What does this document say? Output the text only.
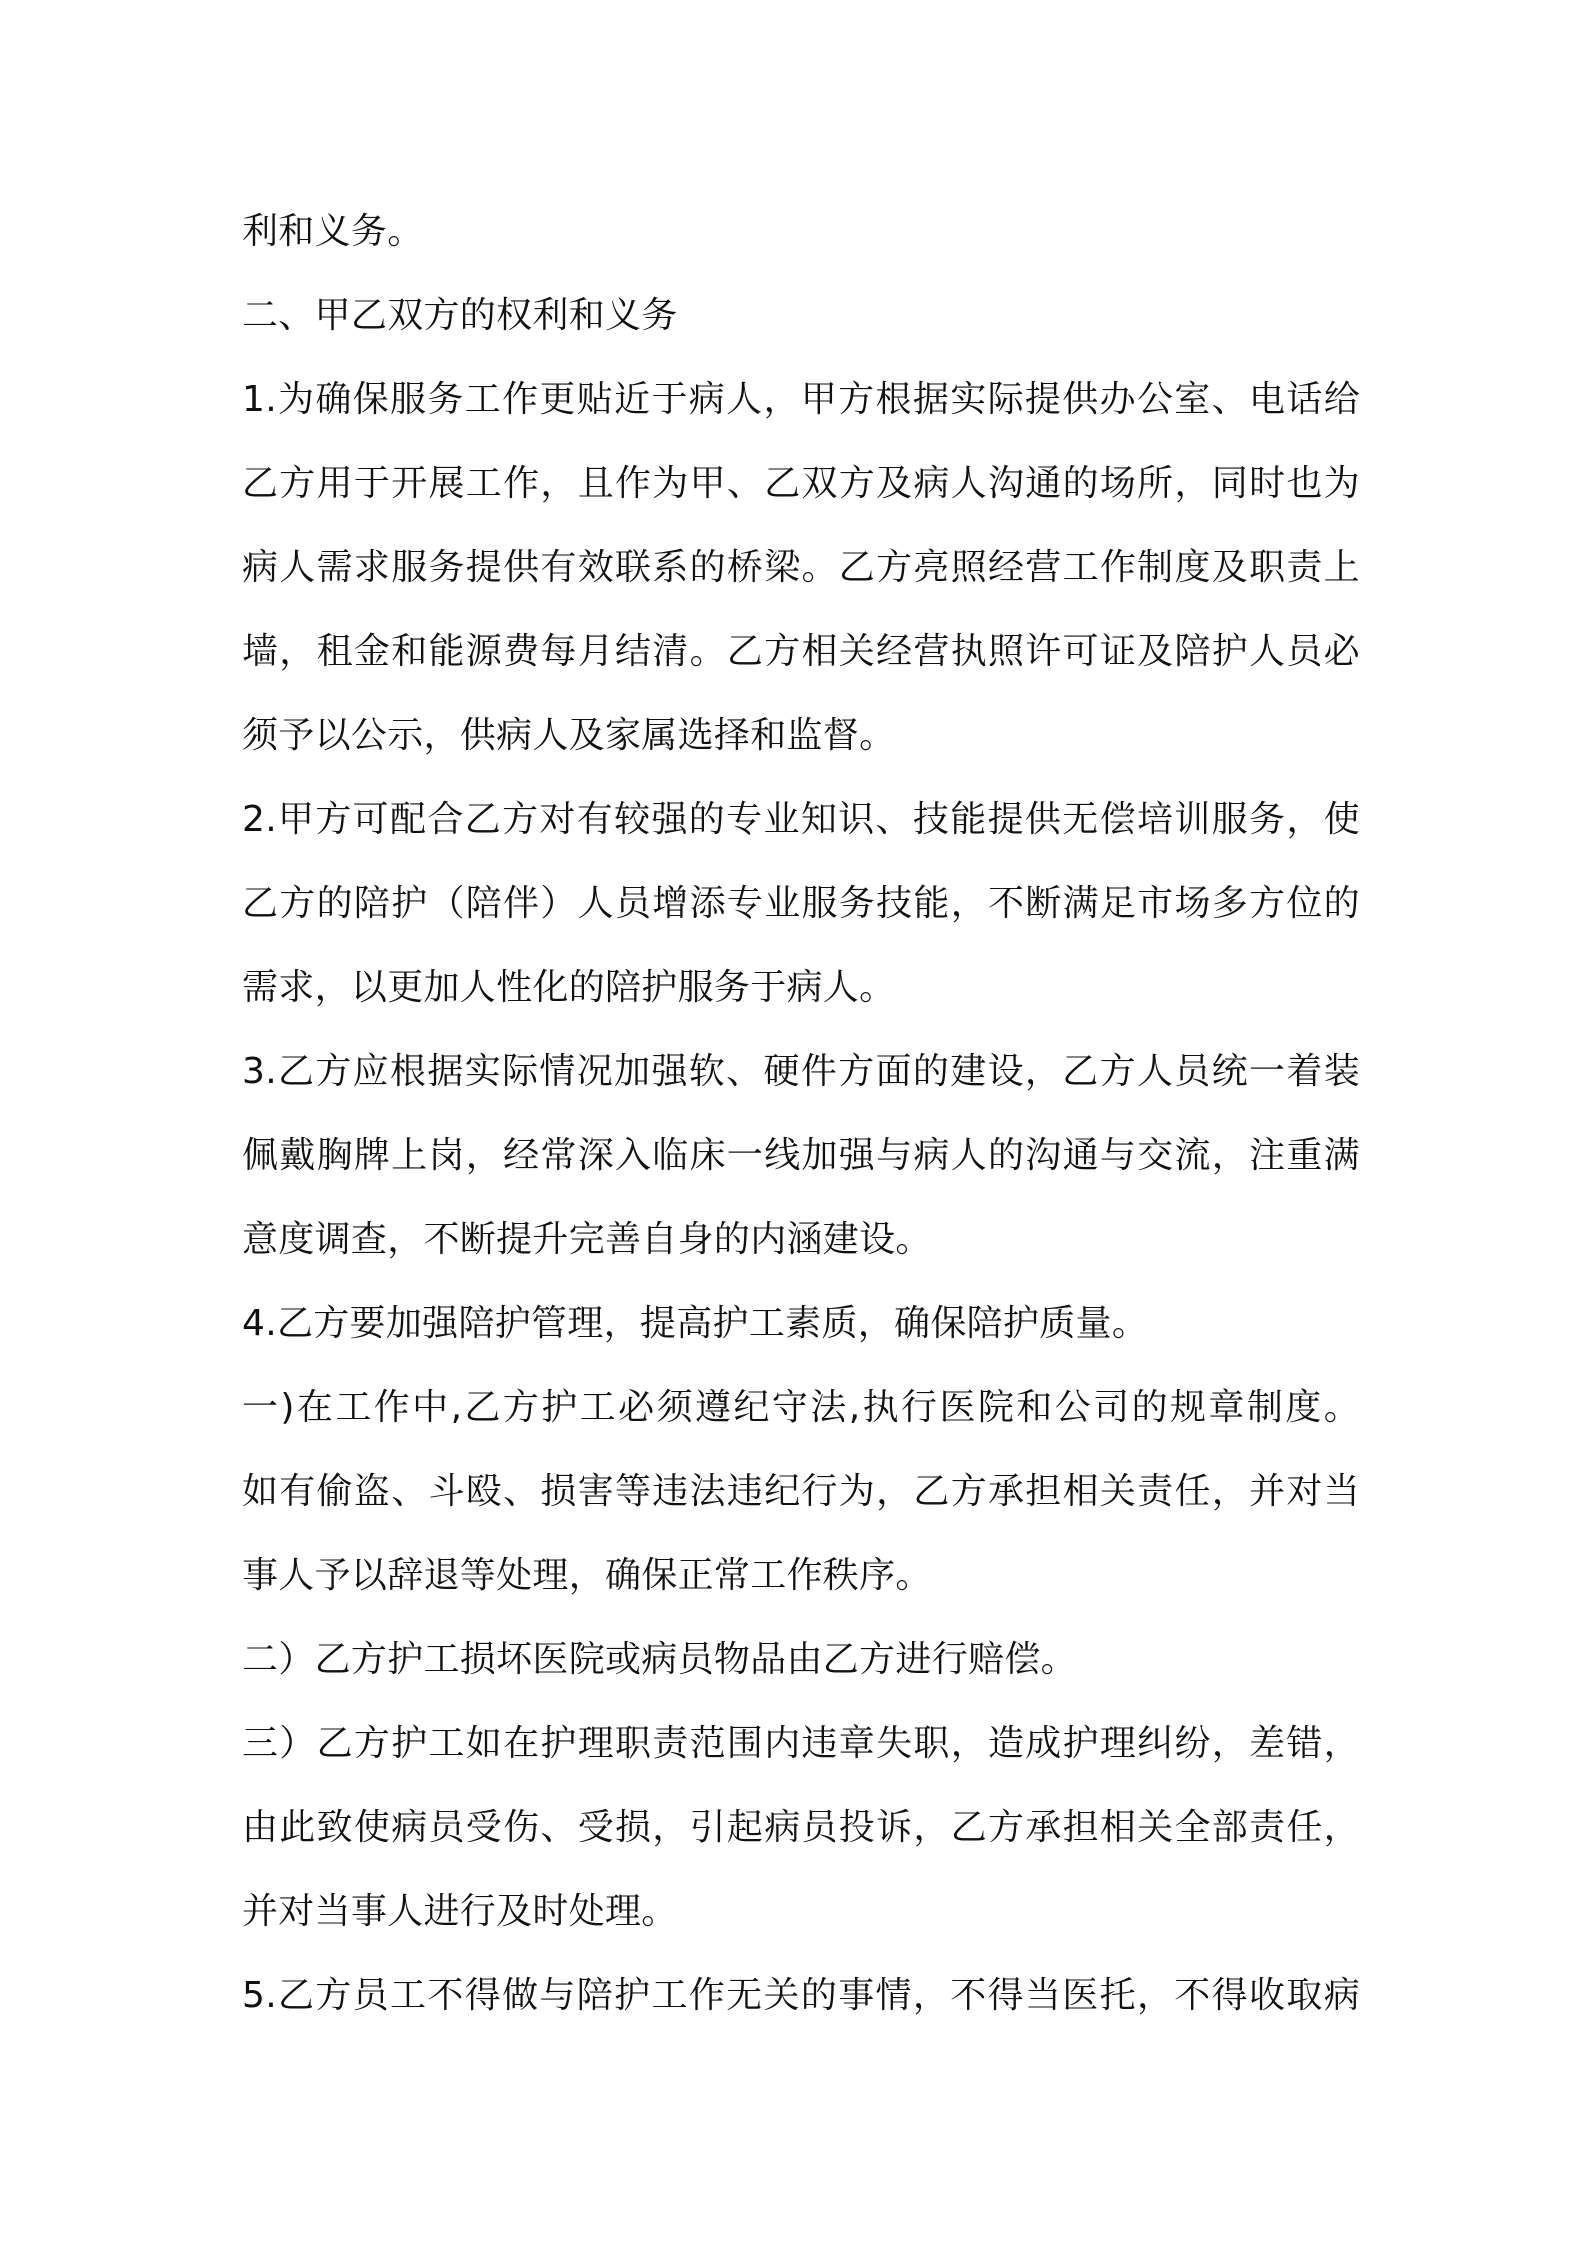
利和义务。

二、甲乙双方的权利和义务

1.为确保服务工作更贴近于病人，甲方根据实际提供办公室、电话给

乙方用于开展工作，且作为甲、乙双方及病人沟通的场所，同时也为

病人需求服务提供有效联系的桥梁。乙方亮照经营工作制度及职责上

墙，租金和能源费每月结清。乙方相关经营执照许可证及陪护人员必

须予以公示，供病人及家属选择和监督。

2.甲方可配合乙方对有较强的专业知识、技能提供无偿培训服务，使

乙方的陪护（陪伴）人员增添专业服务技能，不断满足市场多方位的

需求，以更加人性化的陪护服务于病人。

3.乙方应根据实际情况加强软、硬件方面的建设，乙方人员统一着装

佩戴胸牌上岗，经常深入临床一线加强与病人的沟通与交流，注重满

意度调查，不断提升完善自身的内涵建设。

4.乙方要加强陪护管理，提高护工素质，确保陪护质量。

一)在工作中,乙方护工必须遵纪守法,执行医院和公司的规章制度。

如有偷盗、斗殴、损害等违法违纪行为，乙方承担相关责任，并对当

事人予以辞退等处理，确保正常工作秩序。

二）乙方护工损坏医院或病员物品由乙方进行赔偿。

三）乙方护工如在护理职责范围内违章失职，造成护理纠纷，差错，

由此致使病员受伤、受损，引起病员投诉，乙方承担相关全部责任，

并对当事人进行及时处理。

5.乙方员工不得做与陪护工作无关的事情，不得当医托，不得收取病
